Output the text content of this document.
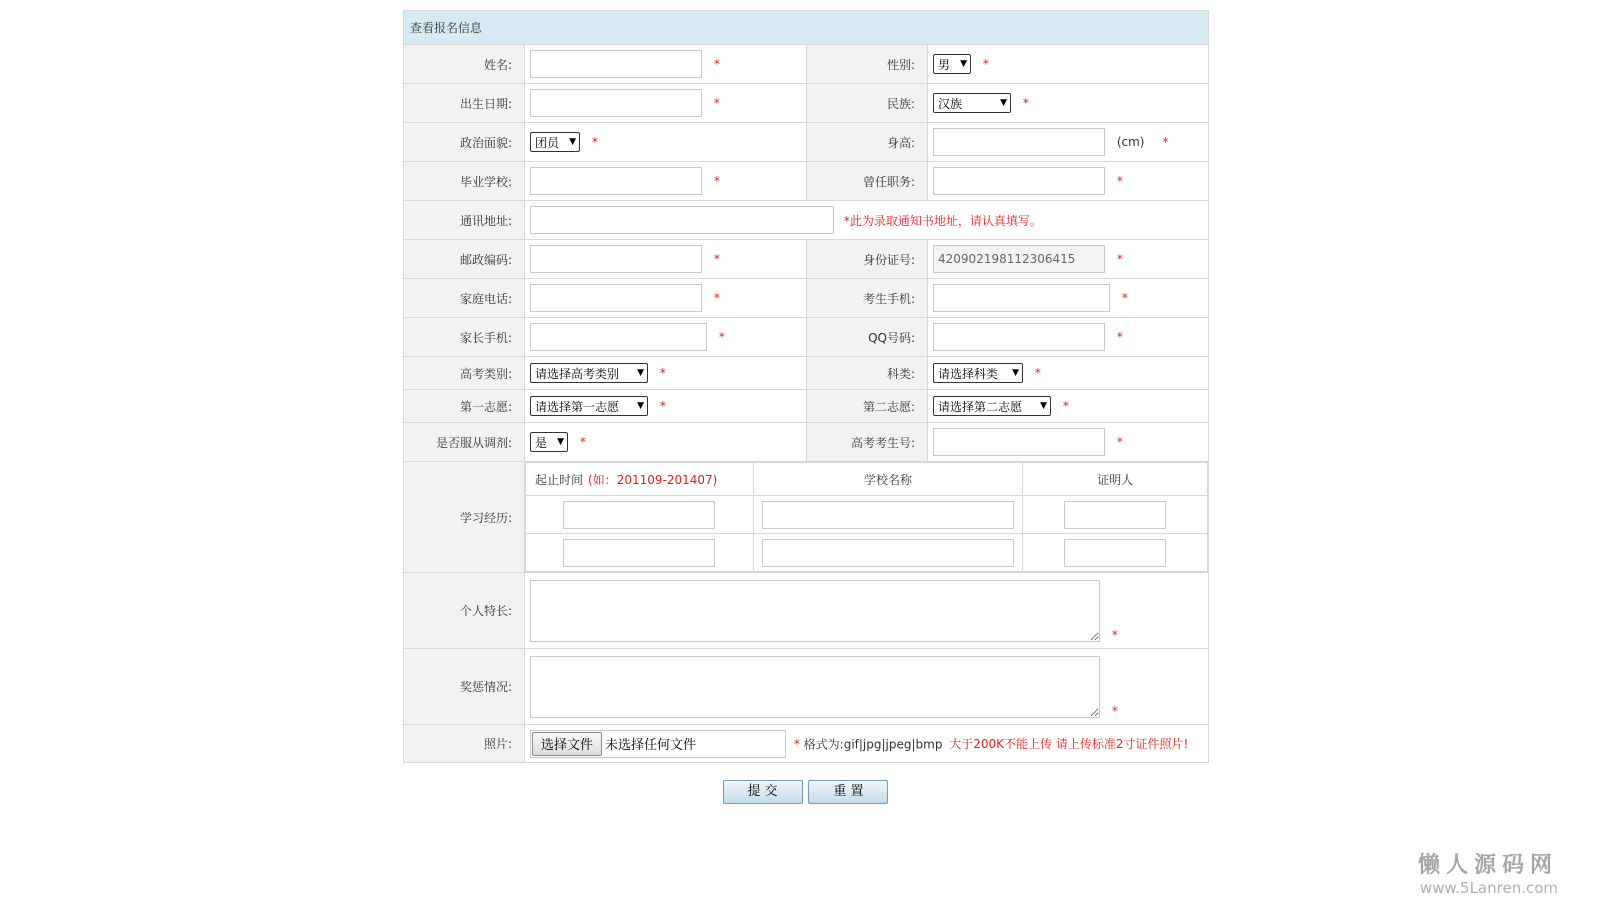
查看报名信息
姓名:	*	性别:	男 ▼ *
出生日期:	*	民族:	汉族	▼ *
政治面貌:	团员 ▼ *	身高:	(cm) *
毕业学校:	*	曾任职务:	*
通讯地址:	*此为录取通知书地址，请认真填写。
邮政编码:	*	身份证号:	420902198112306415*
家庭电话:	*	考生手机:	*
家长手机:	*	QQ号码:	*
高考类别:	请选择高考类别 ▼ *	科类:	请选择科类 ▼ *
第一志愿:	请选择第一志愿 ▼ *	第二志愿:	请选择第二志愿 ▼ *
是否服从调剂:	是 ▼ *	高考考生号:	*
学习经历:	
起止时间 (如：201109-201407)	学校名称	证明人

个人特长:	*
奖惩情况:	*
照片:	选择文件 未选择任何文件	* 格式为:gif|jpg|jpeg|bmp 大于200K不能上传 请上传标准2寸证件照片!
提 交	重 置
懒人源码网
www.5Lanren.com
